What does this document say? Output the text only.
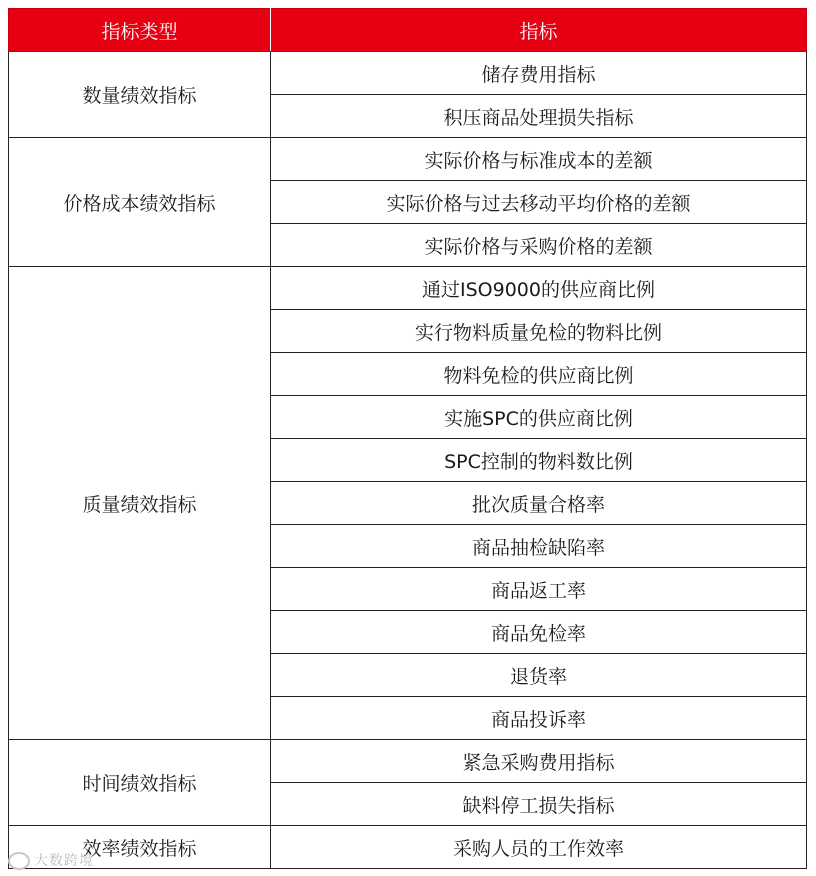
指标类型	指标
数量绩效指标	储存费用指标
	积压商品处理损失指标
价格成本绩效指标	实际价格与标准成本的差额
	实际价格与过去移动平均价格的差额
	实际价格与采购价格的差额
质量绩效指标	通过ISO9000的供应商比例
	实行物料质量免检的物料比例
	物料免检的供应商比例
	实施SPC的供应商比例
	SPC控制的物料数比例
	批次质量合格率
	商品抽检缺陷率
	商品返工率
	商品免检率
	退货率
	商品投诉率
时间绩效指标	紧急采购费用指标
	缺料停工损失指标
效率绩效指标	采购人员的工作效率
大数跨境
